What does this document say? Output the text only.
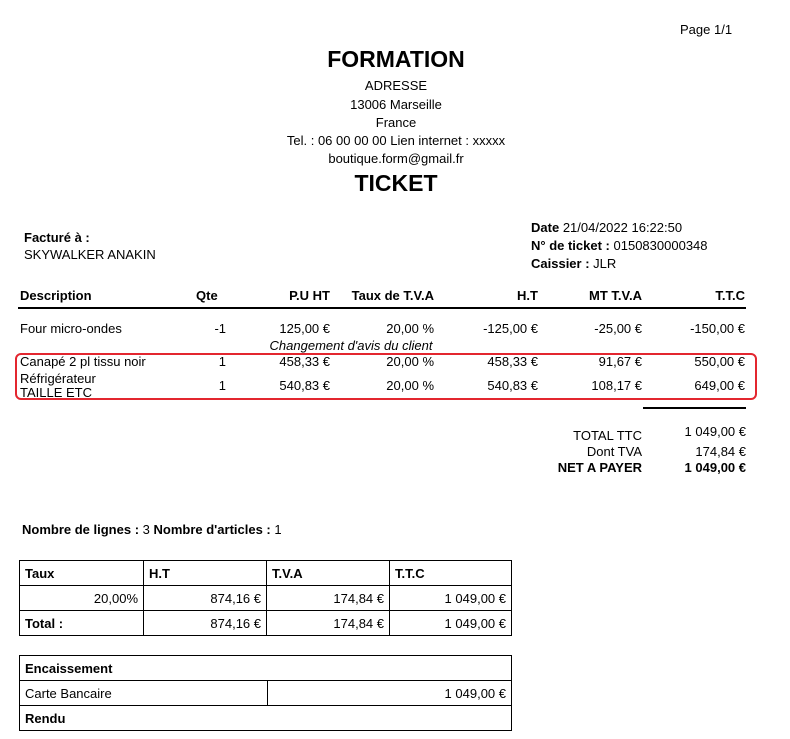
Page 1/1
FORMATION
ADRESSE
13006 Marseille
France
Tel. : 06 00 00 00 Lien internet : xxxxx
boutique.form@gmail.fr
TICKET
Facturé à :
SKYWALKER ANAKIN
Date 21/04/2022 16:22:50
N° de ticket : 0150830000348
Caissier : JLR
Description	Qte	P.U HT	Taux de T.V.A	H.T	MT T.V.A	T.T.C
Four micro-ondes	-1	125,00 €	20,00 %	-125,00 €	-25,00 €	-150,00 €
Changement d'avis du client
Canapé 2 pl tissu noir	1	458,33 €	20,00 %	458,33 €	91,67 €	550,00 €
Réfrigérateur
TAILLE ETC	1	540,83 €	20,00 %	540,83 €	108,17 €	649,00 €
TOTAL TTC	1 049,00 €
Dont TVA	174,84 €
NET A PAYER	1 049,00 €
Nombre de lignes : 3 Nombre d'articles : 1
Taux	H.T	T.V.A	T.T.C
20,00%	874,16 €	174,84 €	1 049,00 €
Total :	874,16 €	174,84 €	1 049,00 €
Encaissement
Carte Bancaire	1 049,00 €
Rendu
